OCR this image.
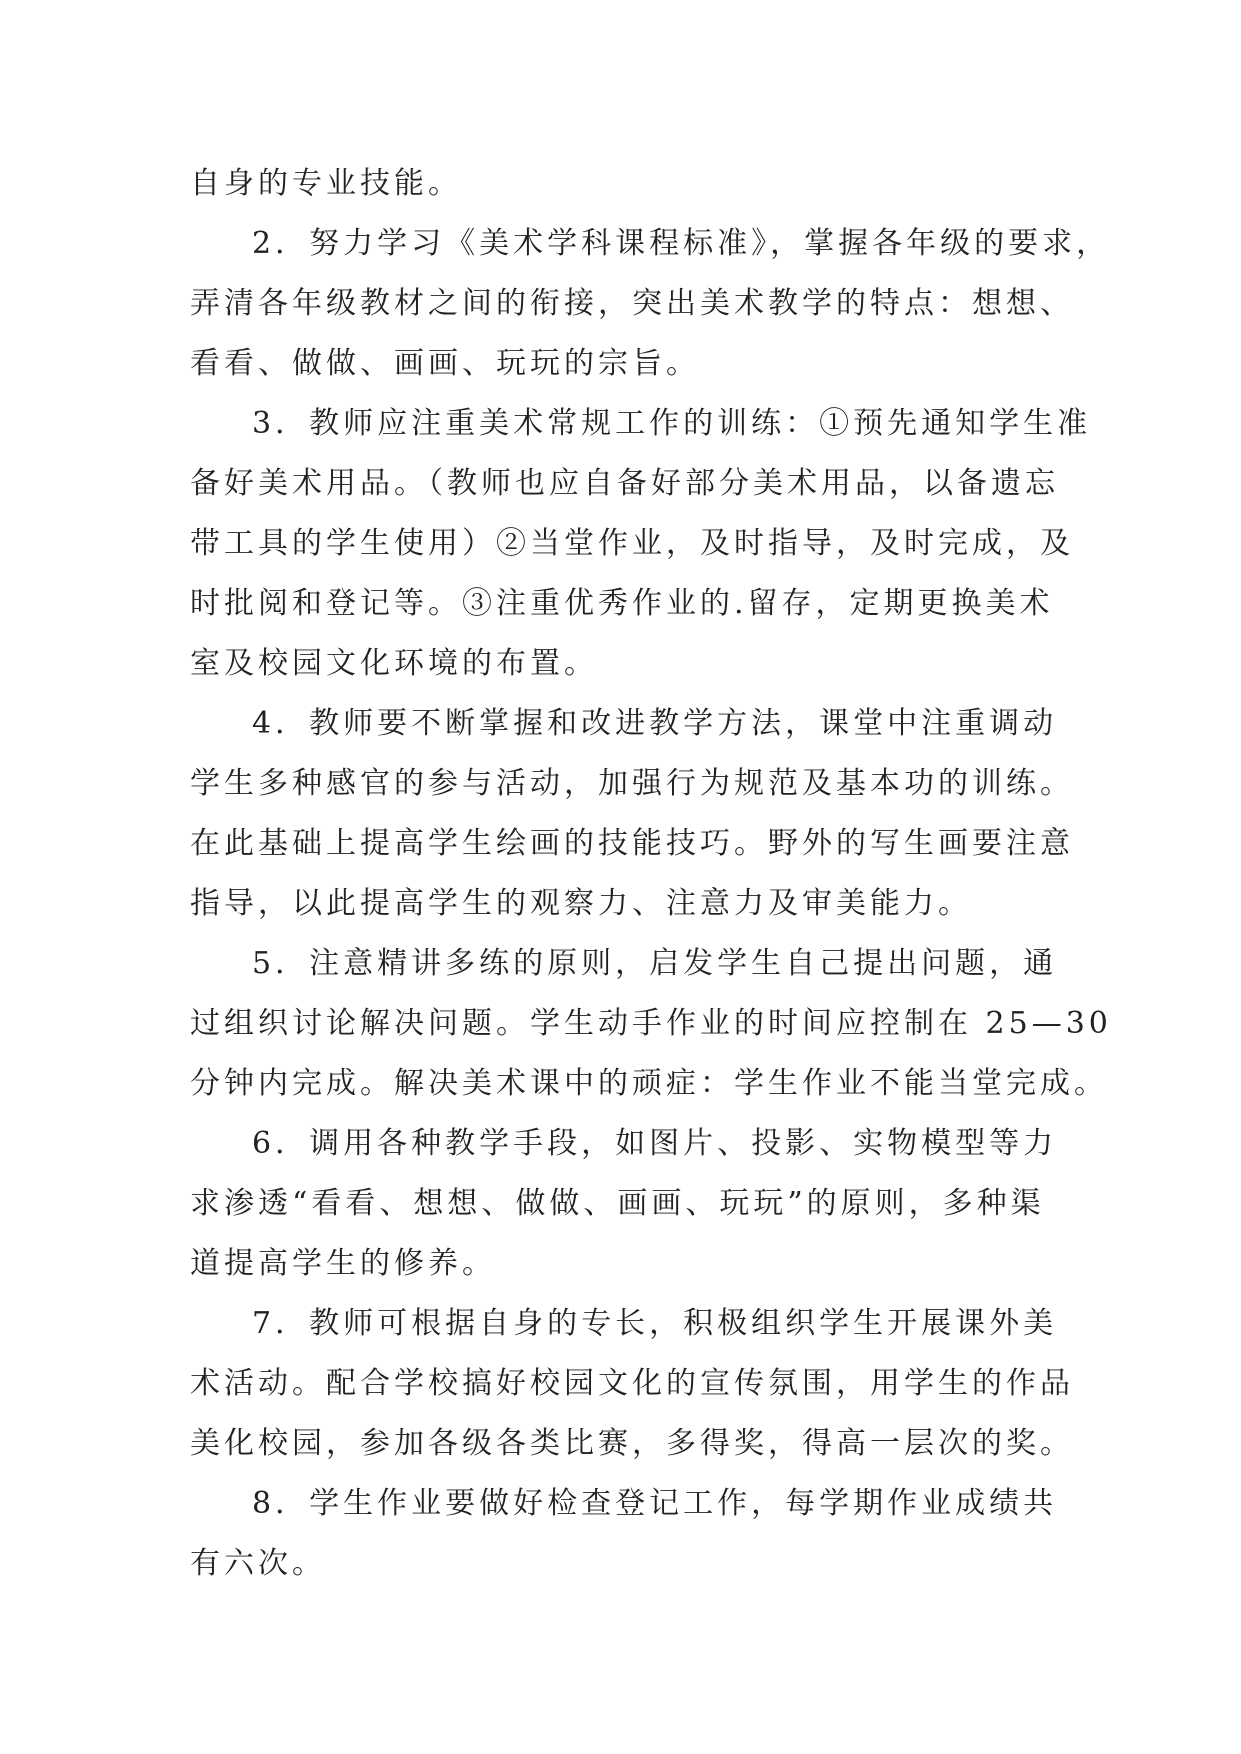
自身的专业技能。
2．努力学习《美术学科课程标准》，掌握各年级的要求，
弄清各年级教材之间的衔接，突出美术教学的特点：想想、
看看、做做、画画、玩玩的宗旨。
3．教师应注重美术常规工作的训练：①预先通知学生准
备好美术用品。（教师也应自备好部分美术用品，以备遗忘
带工具的学生使用）②当堂作业，及时指导，及时完成，及
时批阅和登记等。③注重优秀作业的.留存，定期更换美术
室及校园文化环境的布置。
4．教师要不断掌握和改进教学方法，课堂中注重调动
学生多种感官的参与活动，加强行为规范及基本功的训练。
在此基础上提高学生绘画的技能技巧。野外的写生画要注意
指导，以此提高学生的观察力、注意力及审美能力。
5．注意精讲多练的原则，启发学生自己提出问题，通
过组织讨论解决问题。学生动手作业的时间应控制在 25—30
分钟内完成。解决美术课中的顽症：学生作业不能当堂完成。
6．调用各种教学手段，如图片、投影、实物模型等力
求渗透“看看、想想、做做、画画、玩玩”的原则，多种渠
道提高学生的修养。
7．教师可根据自身的专长，积极组织学生开展课外美
术活动。配合学校搞好校园文化的宣传氛围，用学生的作品
美化校园，参加各级各类比赛，多得奖，得高一层次的奖。
8．学生作业要做好检查登记工作，每学期作业成绩共
有六次。
